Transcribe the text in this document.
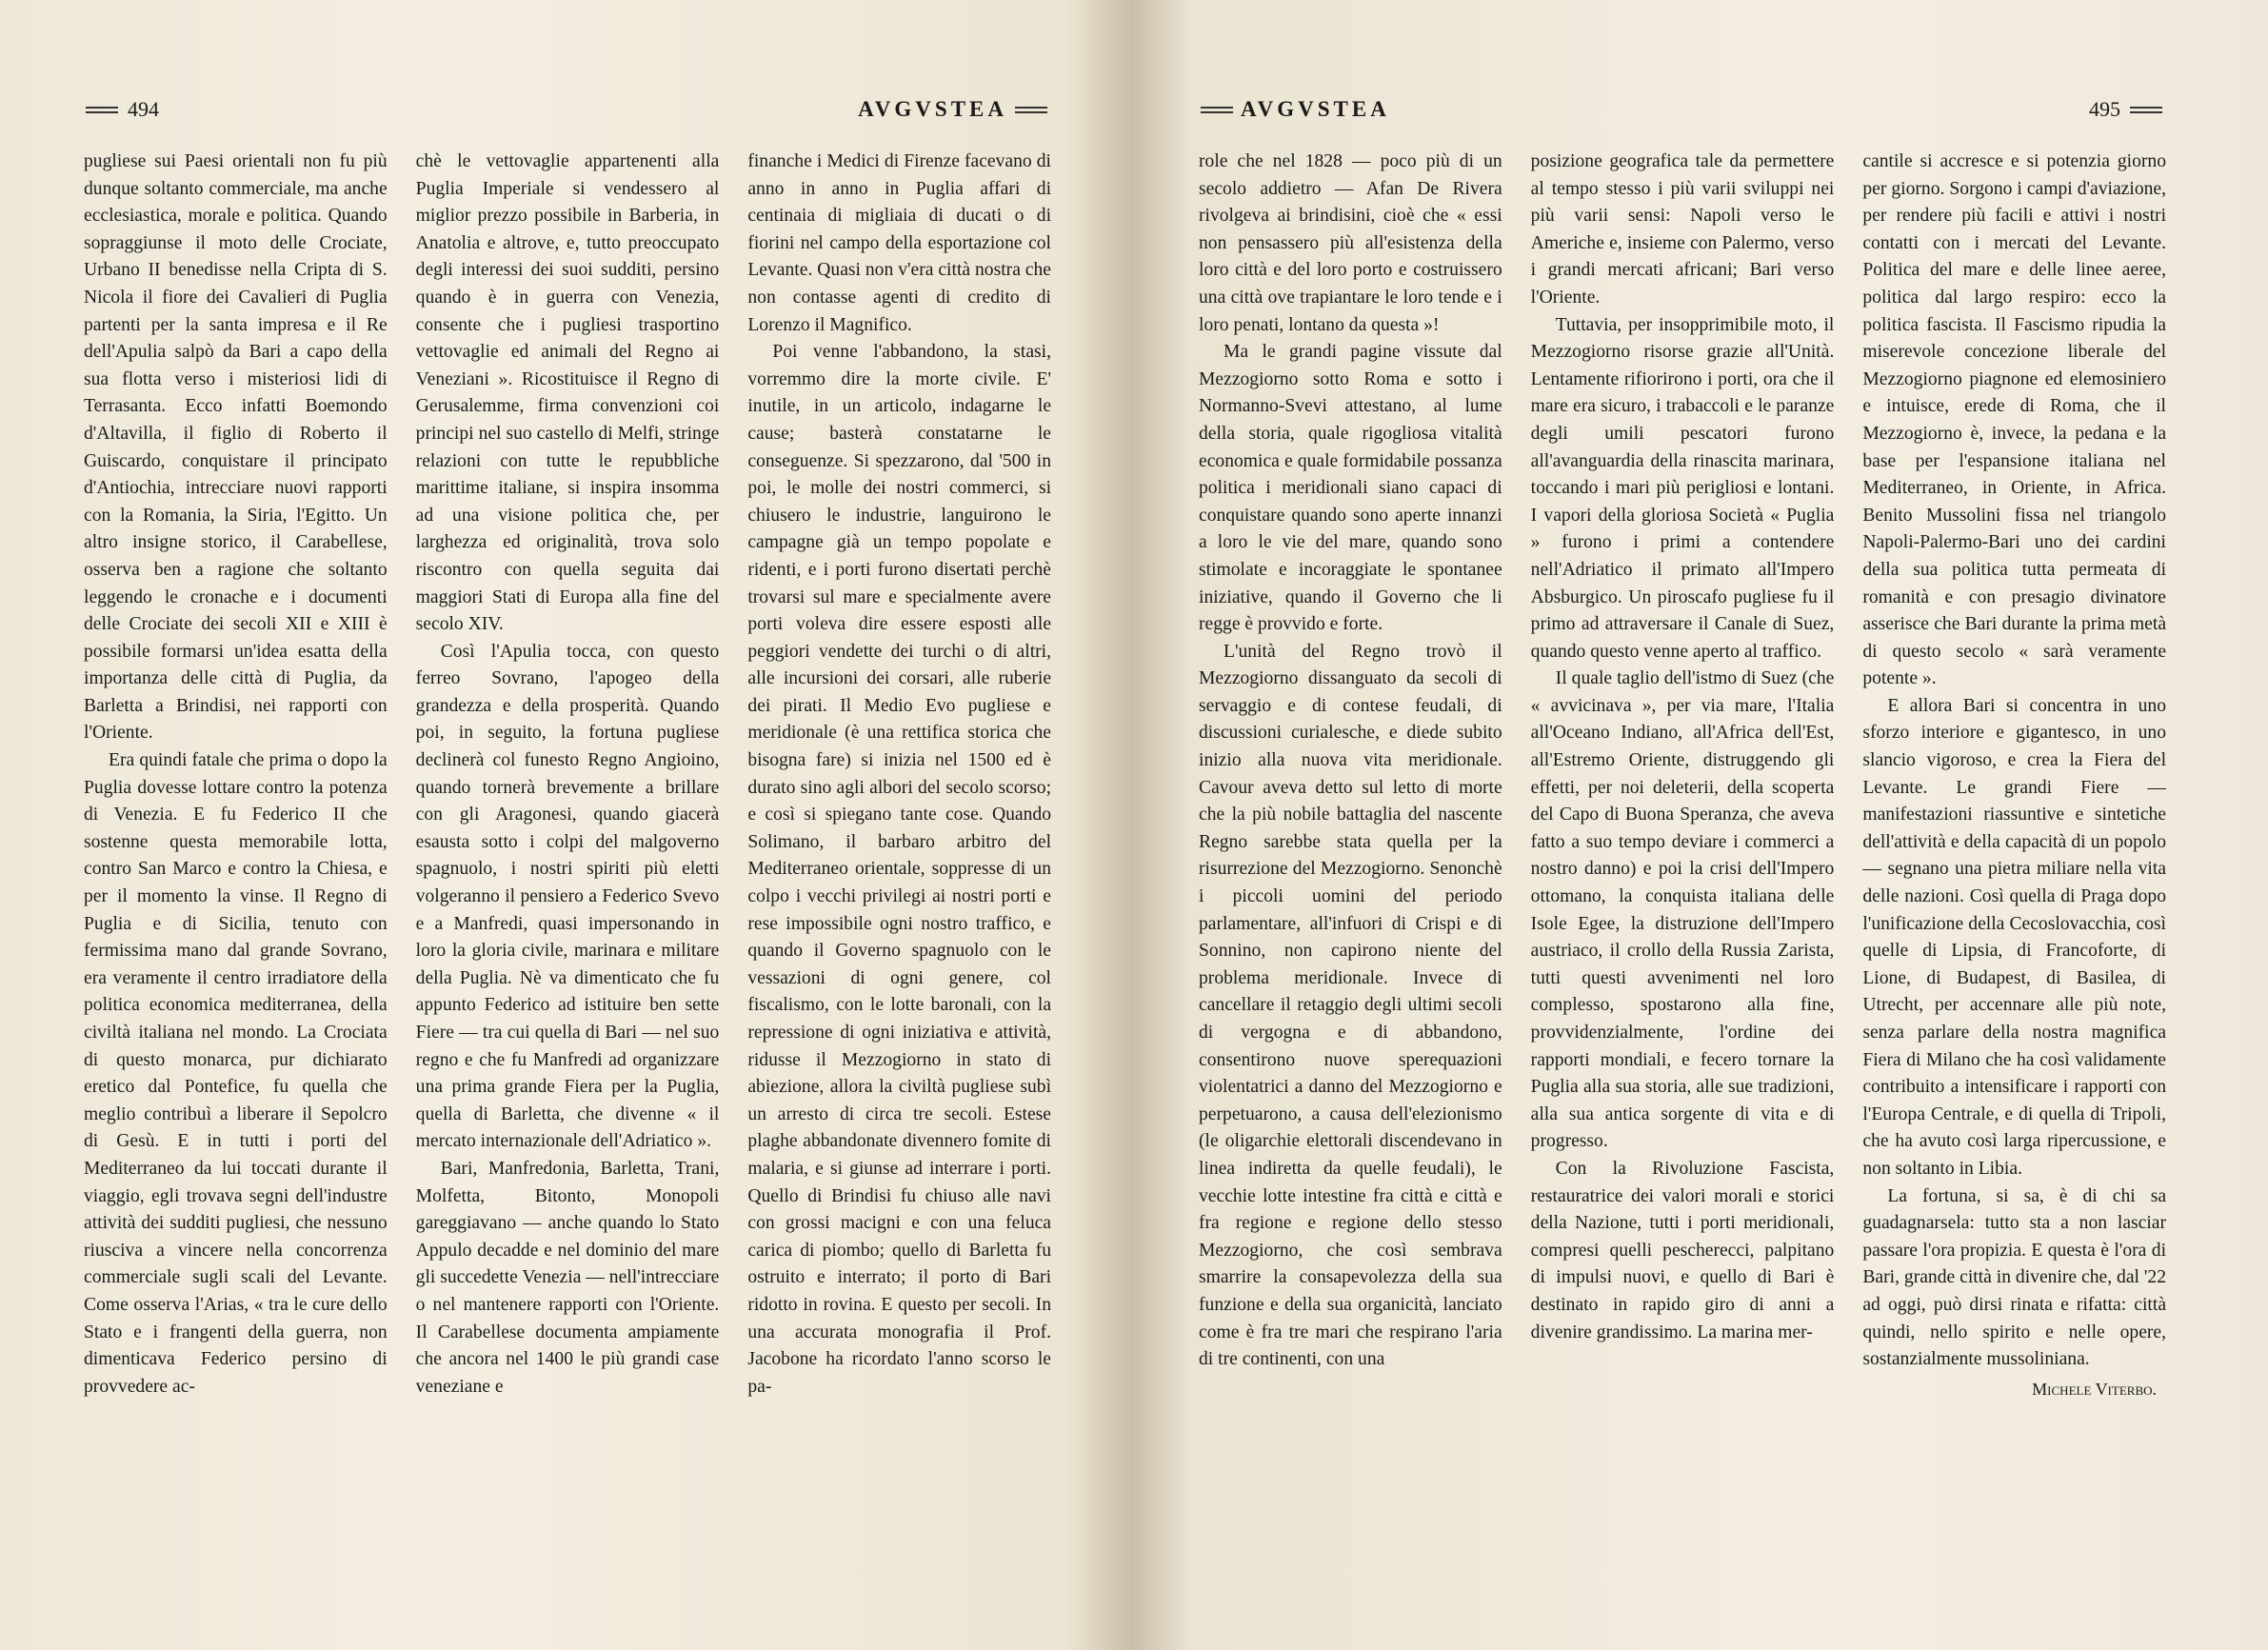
494	AVGVSTEA

pugliese sui Paesi orientali non fu più dunque soltanto commerciale, ma anche ecclesiastica, morale e politica. Quando sopraggiunse il moto delle Crociate, Urbano II benedisse nella Cripta di S. Nicola il fiore dei Cavalieri di Puglia partenti per la santa impresa e il Re dell'Apulia salpò da Bari a capo della sua flotta verso i misteriosi lidi di Terrasanta. Ecco infatti Boemondo d'Altavilla, il figlio di Roberto il Guiscardo, conquistare il principato d'Antiochia, intrecciare nuovi rapporti con la Romania, la Siria, l'Egitto. Un altro insigne storico, il Carabellese, osserva ben a ragione che soltanto leggendo le cronache e i documenti delle Crociate dei secoli XII e XIII è possibile formarsi un'idea esatta della importanza delle città di Puglia, da Barletta a Brindisi, nei rapporti con l'Oriente.

Era quindi fatale che prima o dopo la Puglia dovesse lottare contro la potenza di Venezia. E fu Federico II che sostenne questa memorabile lotta, contro San Marco e contro la Chiesa, e per il momento la vinse. Il Regno di Puglia e di Sicilia, tenuto con fermissima mano dal grande Sovrano, era veramente il centro irradiatore della politica economica mediterranea, della civiltà italiana nel mondo. La Crociata di questo monarca, pur dichiarato eretico dal Pontefice, fu quella che meglio contribuì a liberare il Sepolcro di Gesù. E in tutti i porti del Mediterraneo da lui toccati durante il viaggio, egli trovava segni dell'industre attività dei sudditi pugliesi, che nessuno riusciva a vincere nella concorrenza commerciale sugli scali del Levante. Come osserva l'Arias, « tra le cure dello Stato e i frangenti della guerra, non dimenticava Federico persino di provvedere ac-

chè le vettovaglie appartenenti alla Puglia Imperiale si vendessero al miglior prezzo possibile in Barberia, in Anatolia e altrove, e, tutto preoccupato degli interessi dei suoi sudditi, persino quando è in guerra con Venezia, consente che i pugliesi trasportino vettovaglie ed animali del Regno ai Veneziani ». Ricostituisce il Regno di Gerusalemme, firma convenzioni coi principi nel suo castello di Melfi, stringe relazioni con tutte le repubbliche marittime italiane, si inspira insomma ad una visione politica che, per larghezza ed originalità, trova solo riscontro con quella seguita dai maggiori Stati di Europa alla fine del secolo XIV.

Così l'Apulia tocca, con questo ferreo Sovrano, l'apogeo della grandezza e della prosperità. Quando poi, in seguito, la fortuna pugliese declinerà col funesto Regno Angioino, quando tornerà brevemente a brillare con gli Aragonesi, quando giacerà esausta sotto i colpi del malgoverno spagnuolo, i nostri spiriti più eletti volgeranno il pensiero a Federico Svevo e a Manfredi, quasi impersonando in loro la gloria civile, marinara e militare della Puglia. Nè va dimenticato che fu appunto Federico ad istituire ben sette Fiere — tra cui quella di Bari — nel suo regno e che fu Manfredi ad organizzare una prima grande Fiera per la Puglia, quella di Barletta, che divenne « il mercato internazionale dell'Adriatico ».

Bari, Manfredonia, Barletta, Trani, Molfetta, Bitonto, Monopoli gareggiavano — anche quando lo Stato Appulo decadde e nel dominio del mare gli succedette Venezia — nell'intrecciare o nel mantenere rapporti con l'Oriente. Il Carabellese documenta ampiamente che ancora nel 1400 le più grandi case veneziane e

finanche i Medici di Firenze facevano di anno in anno in Puglia affari di centinaia di migliaia di ducati o di fiorini nel campo della esportazione col Levante. Quasi non v'era città nostra che non contasse agenti di credito di Lorenzo il Magnifico.

Poi venne l'abbandono, la stasi, vorremmo dire la morte civile. E' inutile, in un articolo, indagarne le cause; basterà constatarne le conseguenze. Si spezzarono, dal '500 in poi, le molle dei nostri commerci, si chiusero le industrie, languirono le campagne già un tempo popolate e ridenti, e i porti furono disertati perchè trovarsi sul mare e specialmente avere porti voleva dire essere esposti alle peggiori vendette dei turchi o di altri, alle incursioni dei corsari, alle ruberie dei pirati. Il Medio Evo pugliese e meridionale (è una rettifica storica che bisogna fare) si inizia nel 1500 ed è durato sino agli albori del secolo scorso; e così si spiegano tante cose. Quando Solimano, il barbaro arbitro del Mediterraneo orientale, soppresse di un colpo i vecchi privilegi ai nostri porti e rese impossibile ogni nostro traffico, e quando il Governo spagnuolo con le vessazioni di ogni genere, col fiscalismo, con le lotte baronali, con la repressione di ogni iniziativa e attività, ridusse il Mezzogiorno in stato di abiezione, allora la civiltà pugliese subì un arresto di circa tre secoli. Estese plaghe abbandonate divennero fomite di malaria, e si giunse ad interrare i porti. Quello di Brindisi fu chiuso alle navi con grossi macigni e con una feluca carica di piombo; quello di Barletta fu ostruito e interrato; il porto di Bari ridotto in rovina. E questo per secoli. In una accurata monografia il Prof. Jacobone ha ricordato l'anno scorso le pa-

AVGVSTEA	495

role che nel 1828 — poco più di un secolo addietro — Afan De Rivera rivolgeva ai brindisini, cioè che « essi non pensassero più all'esistenza della loro città e del loro porto e costruissero una città ove trapiantare le loro tende e i loro penati, lontano da questa »!

Ma le grandi pagine vissute dal Mezzogiorno sotto Roma e sotto i Normanno-Svevi attestano, al lume della storia, quale rigogliosa vitalità economica e quale formidabile possanza politica i meridionali siano capaci di conquistare quando sono aperte innanzi a loro le vie del mare, quando sono stimolate e incoraggiate le spontanee iniziative, quando il Governo che li regge è provvido e forte.

L'unità del Regno trovò il Mezzogiorno dissanguato da secoli di servaggio e di contese feudali, di discussioni curialesche, e diede subito inizio alla nuova vita meridionale. Cavour aveva detto sul letto di morte che la più nobile battaglia del nascente Regno sarebbe stata quella per la risurrezione del Mezzogiorno. Senonchè i piccoli uomini del periodo parlamentare, all'infuori di Crispi e di Sonnino, non capirono niente del problema meridionale. Invece di cancellare il retaggio degli ultimi secoli di vergogna e di abbandono, consentirono nuove sperequazioni violentatrici a danno del Mezzogiorno e perpetuarono, a causa dell'elezionismo (le oligarchie elettorali discendevano in linea indiretta da quelle feudali), le vecchie lotte intestine fra città e città e fra regione e regione dello stesso Mezzogiorno, che così sembrava smarrire la consapevolezza della sua funzione e della sua organicità, lanciato come è fra tre mari che respirano l'aria di tre continenti, con una

posizione geografica tale da permettere al tempo stesso i più varii sviluppi nei più varii sensi: Napoli verso le Americhe e, insieme con Palermo, verso i grandi mercati africani; Bari verso l'Oriente.

Tuttavia, per insopprimibile moto, il Mezzogiorno risorse grazie all'Unità. Lentamente rifiorirono i porti, ora che il mare era sicuro, i trabaccoli e le paranze degli umili pescatori furono all'avanguardia della rinascita marinara, toccando i mari più perigliosi e lontani. I vapori della gloriosa Società « Puglia » furono i primi a contendere nell'Adriatico il primato all'Impero Absburgico. Un piroscafo pugliese fu il primo ad attraversare il Canale di Suez, quando questo venne aperto al traffico.

Il quale taglio dell'istmo di Suez (che « avvicinava », per via mare, l'Italia all'Oceano Indiano, all'Africa dell'Est, all'Estremo Oriente, distruggendo gli effetti, per noi deleterii, della scoperta del Capo di Buona Speranza, che aveva fatto a suo tempo deviare i commerci a nostro danno) e poi la crisi dell'Impero ottomano, la conquista italiana delle Isole Egee, la distruzione dell'Impero austriaco, il crollo della Russia Zarista, tutti questi avvenimenti nel loro complesso, spostarono alla fine, provvidenzialmente, l'ordine dei rapporti mondiali, e fecero tornare la Puglia alla sua storia, alle sue tradizioni, alla sua antica sorgente di vita e di progresso.

Con la Rivoluzione Fascista, restauratrice dei valori morali e storici della Nazione, tutti i porti meridionali, compresi quelli pescherecci, palpitano di impulsi nuovi, e quello di Bari è destinato in rapido giro di anni a divenire grandissimo. La marina mer-

cantile si accresce e si potenzia giorno per giorno. Sorgono i campi d'aviazione, per rendere più facili e attivi i nostri contatti con i mercati del Levante. Politica del mare e delle linee aeree, politica dal largo respiro: ecco la politica fascista. Il Fascismo ripudia la miserevole concezione liberale del Mezzogiorno piagnone ed elemosiniero e intuisce, erede di Roma, che il Mezzogiorno è, invece, la pedana e la base per l'espansione italiana nel Mediterraneo, in Oriente, in Africa. Benito Mussolini fissa nel triangolo Napoli-Palermo-Bari uno dei cardini della sua politica tutta permeata di romanità e con presagio divinatore asserisce che Bari durante la prima metà di questo secolo « sarà veramente potente ».

E allora Bari si concentra in uno sforzo interiore e gigantesco, in uno slancio vigoroso, e crea la Fiera del Levante. Le grandi Fiere — manifestazioni riassuntive e sintetiche dell'attività e della capacità di un popolo — segnano una pietra miliare nella vita delle nazioni. Così quella di Praga dopo l'unificazione della Cecoslovacchia, così quelle di Lipsia, di Francoforte, di Lione, di Budapest, di Basilea, di Utrecht, per accennare alle più note, senza parlare della nostra magnifica Fiera di Milano che ha così validamente contribuito a intensificare i rapporti con l'Europa Centrale, e di quella di Tripoli, che ha avuto così larga ripercussione, e non soltanto in Libia.

La fortuna, si sa, è di chi sa guadagnarsela: tutto sta a non lasciar passare l'ora propizia. E questa è l'ora di Bari, grande città in divenire che, dal '22 ad oggi, può dirsi rinata e rifatta: città quindi, nello spirito e nelle opere, sostanzialmente mussoliniana.

Michele Viterbo.
